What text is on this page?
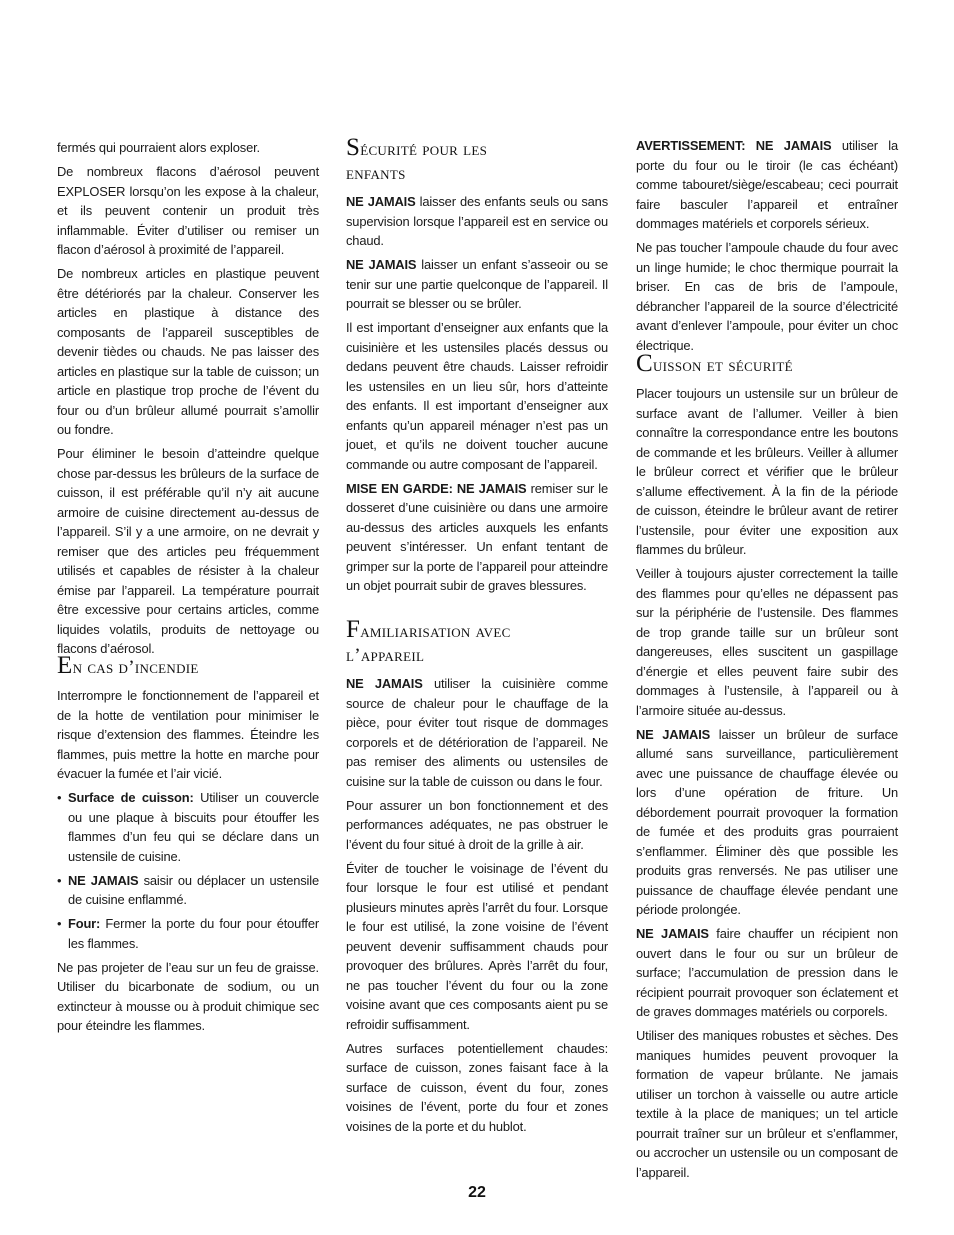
fermés qui pourraient alors exploser.

De nombreux flacons d’aérosol peuvent EXPLOSER lorsqu’on les expose à la chaleur, et ils peuvent contenir un produit très inflammable. Éviter d’utiliser ou remiser un flacon d’aérosol à proximité de l’appareil.

De nombreux articles en plastique peuvent être détériorés par la chaleur. Conserver les articles en plastique à distance des composants de l’appareil susceptibles de devenir tièdes ou chauds. Ne pas laisser des articles en plastique sur la table de cuisson; un article en plastique trop proche de l’évent du four ou d’un brûleur allumé pourrait s’amollir ou fondre.

Pour éliminer le besoin d’atteindre quelque chose par-dessus les brûleurs de la surface de cuisson, il est préférable qu’il n’y ait aucune armoire de cuisine directement au-dessus de l’appareil. S’il y a une armoire, on ne devrait y remiser que des articles peu fréquemment utilisés et capables de résister à la chaleur émise par l’appareil. La température pourrait être excessive pour certains articles, comme liquides volatils, produits de nettoyage ou flacons d’aérosol.

En cas d’incendie

Interrompre le fonctionnement de l’appareil et de la hotte de ventilation pour minimiser le risque d’extension des flammes. Éteindre les flammes, puis mettre la hotte en marche pour évacuer la fumée et l’air vicié.

• Surface de cuisson: Utiliser un couvercle ou une plaque à biscuits pour étouffer les flammes d’un feu qui se déclare dans un ustensile de cuisine.
• NE JAMAIS saisir ou déplacer un ustensile de cuisine enflammé.
• Four: Fermer la porte du four pour étouffer les flammes.

Ne pas projeter de l’eau sur un feu de graisse. Utiliser du bicarbonate de sodium, ou un extincteur à mousse ou à produit chimique sec pour éteindre les flammes.

Sécurité pour les enfants

NE JAMAIS laisser des enfants seuls ou sans supervision lorsque l’appareil est en service ou chaud.

NE JAMAIS laisser un enfant s’asseoir ou se tenir sur une partie quelconque de l’appareil. Il pourrait se blesser ou se brûler.

Il est important d’enseigner aux enfants que la cuisinière et les ustensiles placés dessus ou dedans peuvent être chauds. Laisser refroidir les ustensiles en un lieu sûr, hors d’atteinte des enfants. Il est important d’enseigner aux enfants qu’un appareil ménager n’est pas un jouet, et qu’ils ne doivent toucher aucune commande ou autre composant de l’appareil.

MISE EN GARDE: NE JAMAIS remiser sur le dosseret d’une cuisinière ou dans une armoire au-dessus des articles auxquels les enfants peuvent s’intéresser. Un enfant tentant de grimper sur la porte de l’appareil pour atteindre un objet pourrait subir de graves blessures.

Familiarisation avec l’appareil

NE JAMAIS utiliser la cuisinière comme source de chaleur pour le chauffage de la pièce, pour éviter tout risque de dommages corporels et de détérioration de l’appareil. Ne pas remiser des aliments ou ustensiles de cuisine sur la table de cuisson ou dans le four.

Pour assurer un bon fonctionnement et des performances adéquates, ne pas obstruer le l’évent du four situé à droit de la grille à air.

Éviter de toucher le voisinage de l’évent du four lorsque le four est utilisé et pendant plusieurs minutes après l’arrêt du four. Lorsque le four est utilisé, la zone voisine de l’évent peuvent devenir suffisamment chauds pour provoquer des brûlures. Après l’arrêt du four, ne pas toucher l’évent du four ou la zone voisine avant que ces composants aient pu se refroidir suffisamment.

Autres surfaces potentiellement chaudes: surface de cuisson, zones faisant face à la surface de cuisson, évent du four, zones voisines de l’évent, porte du four et zones voisines de la porte et du hublot.

AVERTISSEMENT: NE JAMAIS utiliser la porte du four ou le tiroir (le cas échéant) comme tabouret/siège/escabeau; ceci pourrait faire basculer l’appareil et entraîner dommages matériels et corporels sérieux.

Ne pas toucher l’ampoule chaude du four avec un linge humide; le choc thermique pourrait la briser. En cas de bris de l’ampoule, débrancher l’appareil de la source d’électricité avant d’enlever l’ampoule, pour éviter un choc électrique.

Cuisson et sécurité

Placer toujours un ustensile sur un brûleur de surface avant de l’allumer. Veiller à bien connaître la correspondance entre les boutons de commande et les brûleurs. Veiller à allumer le brûleur correct et vérifier que le brûleur s’allume effectivement. À la fin de la période de cuisson, éteindre le brûleur avant de retirer l’ustensile, pour éviter une exposition aux flammes du brûleur.

Veiller à toujours ajuster correctement la taille des flammes pour qu’elles ne dépassent pas sur la périphérie de l’ustensile. Des flammes de trop grande taille sur un brûleur sont dangereuses, elles suscitent un gaspillage d’énergie et elles peuvent faire subir des dommages à l’ustensile, à l’appareil ou à l’armoire située au-dessus.

NE JAMAIS laisser un brûleur de surface allumé sans surveillance, particulièrement avec une puissance de chauffage élevée ou lors d’une opération de friture. Un débordement pourrait provoquer la formation de fumée et des produits gras pourraient s’enflammer. Éliminer dès que possible les produits gras renversés. Ne pas utiliser une puissance de chauffage élevée pendant une période prolongée.

NE JAMAIS faire chauffer un récipient non ouvert dans le four ou sur un brûleur de surface; l’accumulation de pression dans le récipient pourrait provoquer son éclatement et de graves dommages matériels ou corporels.

Utiliser des maniques robustes et sèches. Des maniques humides peuvent provoquer la formation de vapeur brûlante. Ne jamais utiliser un torchon à vaisselle ou autre article textile à la place de maniques; un tel article pourrait traîner sur un brûleur et s’enflammer, ou accrocher un ustensile ou un composant de l’appareil.

22
